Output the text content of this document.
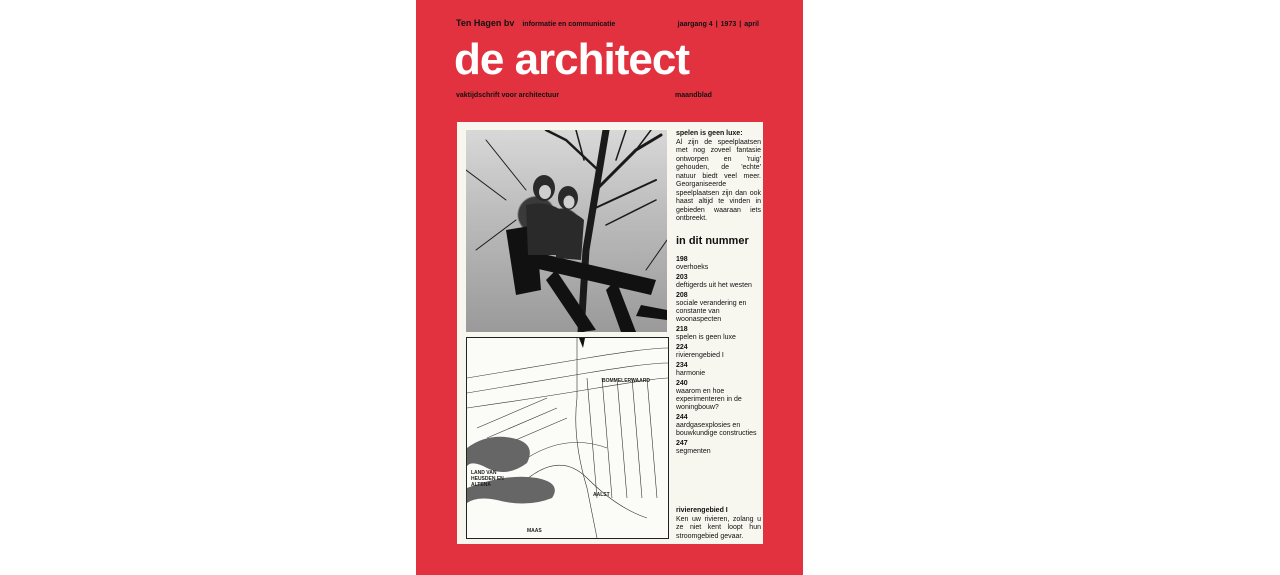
Ten Hagen bv informatie en communicatie	jaargang 4 | 1973 | april
de architect
vaktijdschrift voor architectuur	maandblad
BOMMELERWAARD
LAND VAN HEUSDEN EN ALTENA
AALST
MAAS
spelen is geen luxe:
Al zijn de speelplaatsen met nog zoveel fantasie ontworpen en 'ruig' gehouden, de 'echte' natuur biedt veel meer. Georganiseerde speelplaatsen zijn dan ook haast altijd te vinden in gebieden waaraan iets ontbreekt.
in dit nummer
198
overhoeks
203
deftigerds uit het westen
208
sociale verandering en constante van woonaspecten
218
spelen is geen luxe
224
rivierengebied I
234
harmonie
240
waarom en hoe experimenteren in de woningbouw?
244
aardgasexplosies en bouwkundige constructies
247
segmenten
rivierengebied I
Ken uw rivieren, zolang u ze niet kent loopt hun stroomgebied gevaar.
